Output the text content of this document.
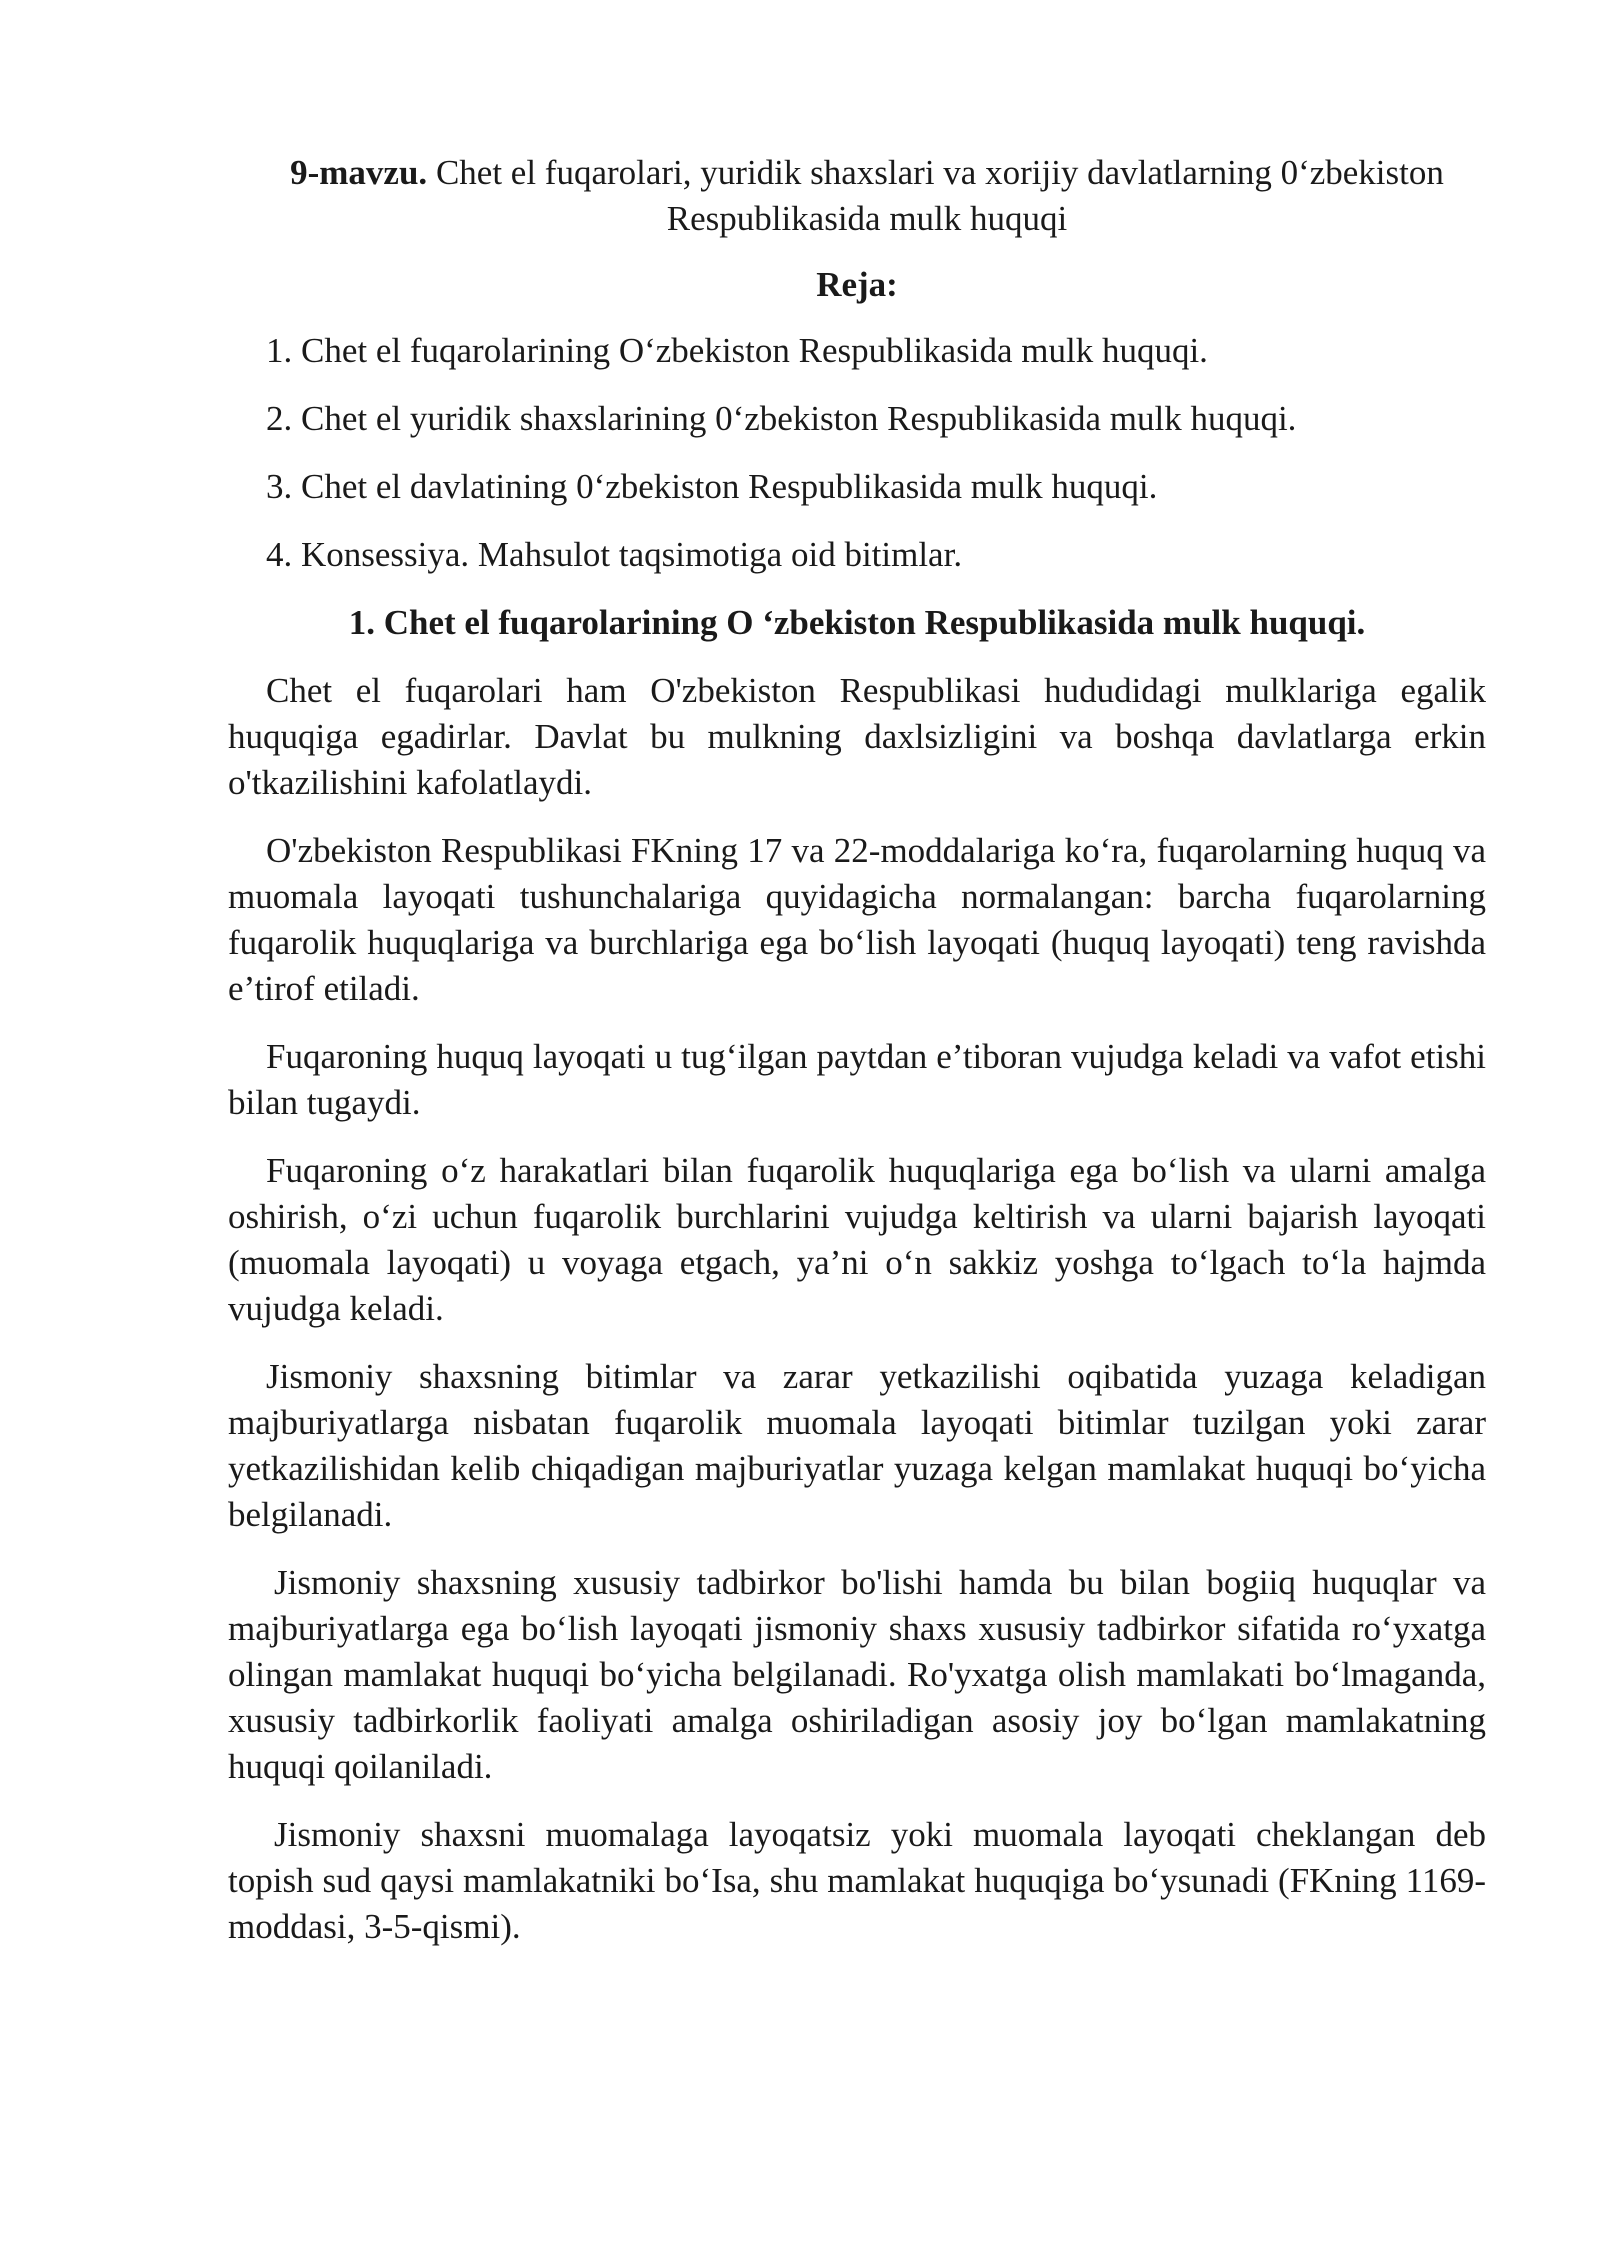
9-mavzu. Chet el fuqarolari, yuridik shaxslari va xorijiy davlatlarning 0‘zbekiston Respublikasida mulk huquqi

Reja:

1. Chet el fuqarolarining O‘zbekiston Respublikasida mulk huquqi.
2. Chet el yuridik shaxslarining 0‘zbekiston Respublikasida mulk huquqi.
3. Chet el davlatining 0‘zbekiston Respublikasida mulk huquqi.
4. Konsessiya. Mahsulot taqsimotiga oid bitimlar.

1. Chet el fuqarolarining O ‘zbekiston Respublikasida mulk huquqi.

Chet el fuqarolari ham O'zbekiston Respublikasi hududidagi mulklariga egalik huquqiga egadirlar. Davlat bu mulkning daxlsizligini va boshqa davlatlarga erkin o'tkazilishini kafolatlaydi.

O'zbekiston Respublikasi FKning 17 va 22-moddalariga ko‘ra, fuqarolarning huquq va muomala layoqati tushunchalariga quyidagicha normalangan: barcha fuqarolarning fuqarolik huquqlariga va burchlariga ega bo‘lish layoqati (huquq layoqati) teng ravishda e’tirof etiladi.

Fuqaroning huquq layoqati u tug‘ilgan paytdan e’tiboran vujudga keladi va vafot etishi bilan tugaydi.

Fuqaroning o‘z harakatlari bilan fuqarolik huquqlariga ega bo‘lish va ularni amalga oshirish, o‘zi uchun fuqarolik burchlarini vujudga keltirish va ularni bajarish layoqati (muomala layoqati) u voyaga etgach, ya’ni o‘n sakkiz yoshga to‘lgach to‘la hajmda vujudga keladi.

Jismoniy shaxsning bitimlar va zarar yetkazilishi oqibatida yuzaga keladigan majburiyatlarga nisbatan fuqarolik muomala layoqati bitimlar tuzilgan yoki zarar yetkazilishidan kelib chiqadigan majburiyatlar yuzaga kelgan mamlakat huquqi bo‘yicha belgilanadi.

Jismoniy shaxsning xususiy tadbirkor bo'lishi hamda bu bilan bogiiq huquqlar va majburiyatlarga ega bo‘lish layoqati jismoniy shaxs xususiy tadbirkor sifatida ro‘yxatga olingan mamlakat huquqi bo‘yicha belgilanadi. Ro'yxatga olish mamlakati bo‘lmaganda, xususiy tadbirkorlik faoliyati amalga oshiriladigan asosiy joy bo‘lgan mamlakatning huquqi qoilaniladi.

Jismoniy shaxsni muomalaga layoqatsiz yoki muomala layoqati cheklangan deb topish sud qaysi mamlakatniki bo‘Isa, shu mamlakat huquqiga bo‘ysunadi (FKning 1169-moddasi, 3-5-qismi).
